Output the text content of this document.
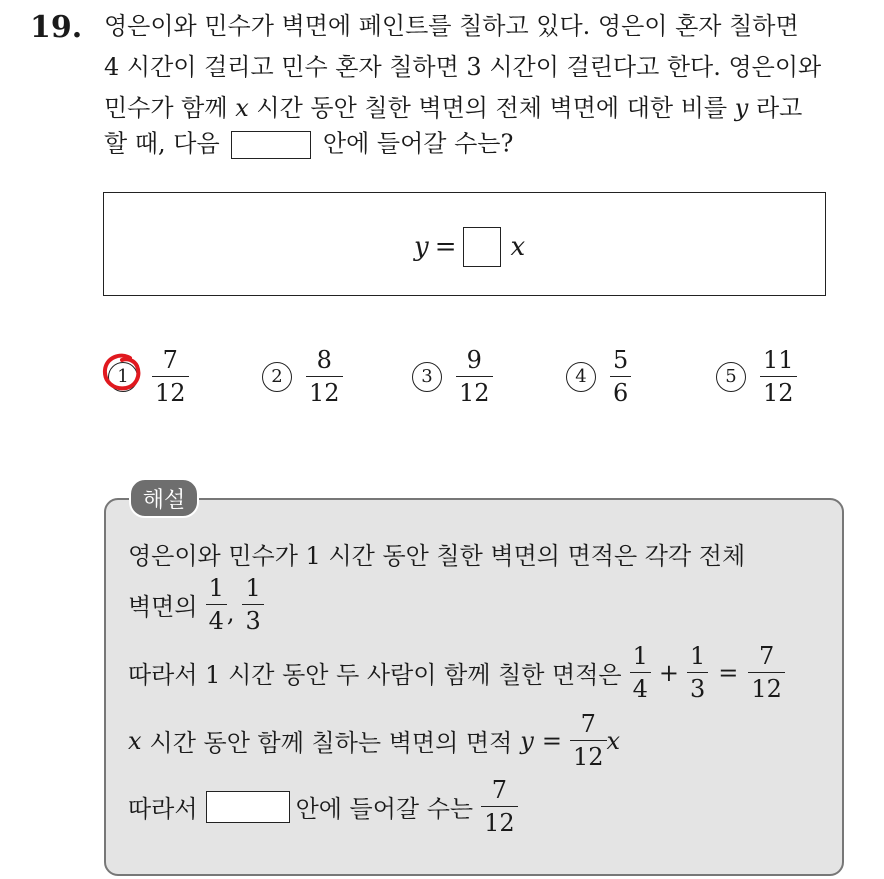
19. 영은이와 민수가 벽면에 페인트를 칠하고 있다. 영은이 혼자 칠하면
4 시간이 걸리고 민수 혼자 칠하면 3 시간이 걸린다고 한다. 영은이와
민수가 함께 x 시간 동안 칠한 벽면의 전체 벽면에 대한 비를 y 라고
할 때, 다음	안에 들어갈 수는?
y = x
$1 \frac{7}{12}$	$2 \frac{8}{12}$	$3 \frac{9}{12}$	$4 \frac{5}{6}$	$5 \frac{11}{12}$
해설
영은이와 민수가 1 시간 동안 칠한 벽면의 면적은 각각 전체
벽면의 $\frac{1}{4}$ , $\frac{1}{3}$
따라서 1 시간 동안 두 사람이 함께 칠한 면적은 $\frac{1}{4} + \frac{1}{3} = \frac{7}{12}$
x 시간 동안 함께 칠하는 벽면의 면적 $y = \frac{7}{12}$ x
따라서	안에 들어갈 수는 $\frac{7}{12}$
